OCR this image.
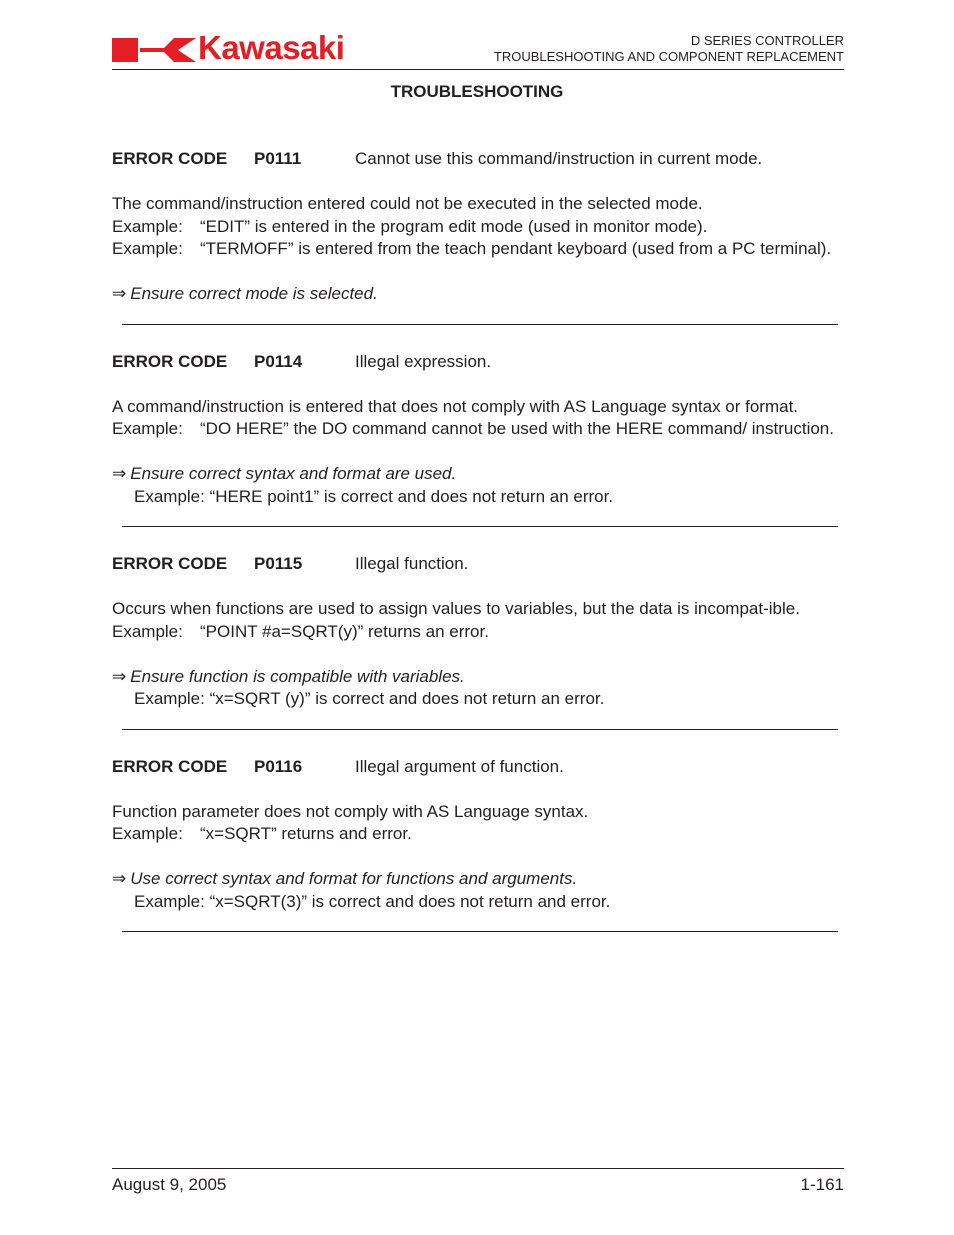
Kawasaki	D SERIES CONTROLLER
TROUBLESHOOTING AND COMPONENT REPLACEMENT
TROUBLESHOOTING
ERROR CODE P0111	Cannot use this command/instruction in current mode.

The command/instruction entered could not be executed in the selected mode.

Example:	“EDIT” is entered in the program edit mode (used in monitor mode).
Example:	“TERMOFF” is entered from the teach pendant keyboard (used from a PC terminal).
⇒ Ensure correct mode is selected.
ERROR CODE P0114	Illegal expression.

A command/instruction is entered that does not comply with AS Language syntax or format.

Example:	“DO HERE” the DO command cannot be used with the HERE command/ instruction.
⇒ Ensure correct syntax and format are used.
Example: “HERE point1” is correct and does not return an error.
ERROR CODE P0115	Illegal function.

Occurs when functions are used to assign values to variables, but the data is incompat-ible.

Example:	“POINT #a=SQRT(y)” returns an error.
⇒ Ensure function is compatible with variables.
Example: “x=SQRT (y)” is correct and does not return an error.
ERROR CODE P0116	Illegal argument of function.

Function parameter does not comply with AS Language syntax.

Example:	“x=SQRT” returns and error.
⇒ Use correct syntax and format for functions and arguments.
Example: “x=SQRT(3)” is correct and does not return and error.
August 9, 2005	1-161
